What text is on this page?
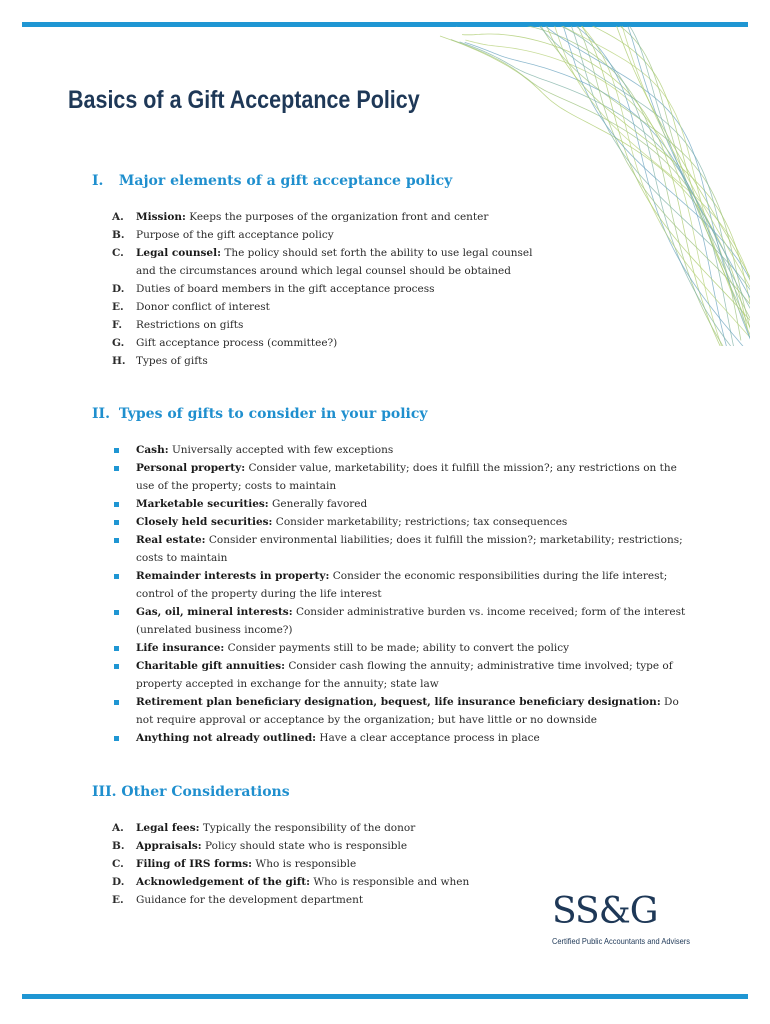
Basics of a Gift Acceptance Policy
I. Major elements of a gift acceptance policy
A. Mission: Keeps the purposes of the organization front and center
B. Purpose of the gift acceptance policy
C. Legal counsel: The policy should set forth the ability to use legal counsel and the circumstances around which legal counsel should be obtained
D. Duties of board members in the gift acceptance process
E. Donor conflict of interest
F. Restrictions on gifts
G. Gift acceptance process (committee?)
H. Types of gifts
II. Types of gifts to consider in your policy
Cash: Universally accepted with few exceptions
Personal property: Consider value, marketability; does it fulfill the mission?; any restrictions on the use of the property; costs to maintain
Marketable securities: Generally favored
Closely held securities: Consider marketability; restrictions; tax consequences
Real estate: Consider environmental liabilities; does it fulfill the mission?; marketability; restrictions; costs to maintain
Remainder interests in property: Consider the economic responsibilities during the life interest; control of the property during the life interest
Gas, oil, mineral interests: Consider administrative burden vs. income received; form of the interest (unrelated business income?)
Life insurance: Consider payments still to be made; ability to convert the policy
Charitable gift annuities: Consider cash flowing the annuity; administrative time involved; type of property accepted in exchange for the annuity; state law
Retirement plan beneficiary designation, bequest, life insurance beneficiary designation: Do not require approval or acceptance by the organization; but have little or no downside
Anything not already outlined: Have a clear acceptance process in place
III. Other Considerations
A. Legal fees: Typically the responsibility of the donor
B. Appraisals: Policy should state who is responsible
C. Filing of IRS forms: Who is responsible
D. Acknowledgement of the gift: Who is responsible and when
E. Guidance for the development department	SS&G
Certified Public Accountants and Advisers
